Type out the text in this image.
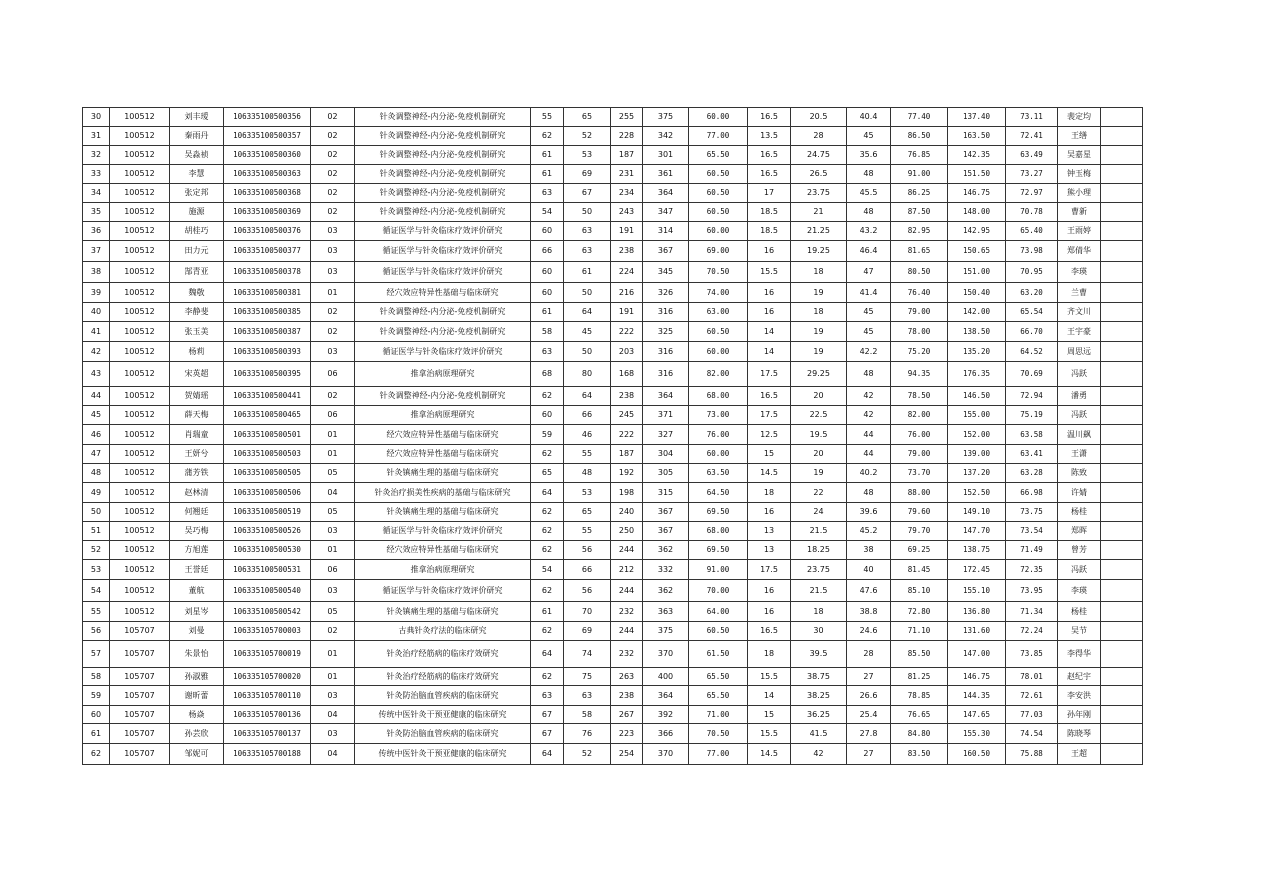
30	100512	刘丰瑷	106335100500356	02	针灸调整神经-内分泌-免疫机制研究	55	65	255	375	60.00	16.5	20.5	40.4	77.40	137.40	73.11	裴定均	
31	100512	秦雨丹	106335100500357	02	针灸调整神经-内分泌-免疫机制研究	62	52	228	342	77.00	13.5	28	45	86.50	163.50	72.41	王缮	
32	100512	吴淼祯	106335100500360	02	针灸调整神经-内分泌-免疫机制研究	61	53	187	301	65.50	16.5	24.75	35.6	76.85	142.35	63.49	吴嘉星	
33	100512	李慧	106335100500363	02	针灸调整神经-内分泌-免疫机制研究	61	69	231	361	60.50	16.5	26.5	48	91.00	151.50	73.27	钟玉梅	
34	100512	张定邦	106335100500368	02	针灸调整神经-内分泌-免疫机制研究	63	67	234	364	60.50	17	23.75	45.5	86.25	146.75	72.97	熊小理	
35	100512	施源	106335100500369	02	针灸调整神经-内分泌-免疫机制研究	54	50	243	347	60.50	18.5	21	48	87.50	148.00	70.78	曹新	
36	100512	胡桂巧	106335100500376	03	循证医学与针灸临床疗效评价研究	60	63	191	314	60.00	18.5	21.25	43.2	82.95	142.95	65.40	王雨婷	
37	100512	田力元	106335100500377	03	循证医学与针灸临床疗效评价研究	66	63	238	367	69.00	16	19.25	46.4	81.65	150.65	73.98	郑倩华	
38	100512	郜青亚	106335100500378	03	循证医学与针灸临床疗效评价研究	60	61	224	345	70.50	15.5	18	47	80.50	151.00	70.95	李瑛	
39	100512	魏敬	106335100500381	01	经穴效应特异性基础与临床研究	60	50	216	326	74.00	16	19	41.4	76.40	150.40	63.20	兰曹	
40	100512	李静斐	106335100500385	02	针灸调整神经-内分泌-免疫机制研究	61	64	191	316	63.00	16	18	45	79.00	142.00	65.54	齐文川	
41	100512	张玉美	106335100500387	02	针灸调整神经-内分泌-免疫机制研究	58	45	222	325	60.50	14	19	45	78.00	138.50	66.70	王宇豪	
42	100512	杨莉	106335100500393	03	循证医学与针灸临床疗效评价研究	63	50	203	316	60.00	14	19	42.2	75.20	135.20	64.52	周思远	
43	100512	宋英超	106335100500395	06	推拿治病原理研究	68	80	168	316	82.00	17.5	29.25	48	94.35	176.35	70.69	冯跃	
44	100512	贺婧瑶	106335100500441	02	针灸调整神经-内分泌-免疫机制研究	62	64	238	364	68.00	16.5	20	42	78.50	146.50	72.94	潘勇	
45	100512	薛天梅	106335100500465	06	推拿治病原理研究	60	66	245	371	73.00	17.5	22.5	42	82.00	155.00	75.19	冯跃	
46	100512	肖瑞童	106335100500501	01	经穴效应特异性基础与临床研究	59	46	222	327	76.00	12.5	19.5	44	76.00	152.00	63.58	温川飙	
47	100512	王妍兮	106335100500503	01	经穴效应特异性基础与临床研究	62	55	187	304	60.00	15	20	44	79.00	139.00	63.41	王潇	
48	100512	蒲芳铁	106335100500505	05	针灸镇痛生理的基础与临床研究	65	48	192	305	63.50	14.5	19	40.2	73.70	137.20	63.28	陈致	
49	100512	赵林清	106335100500506	04	针灸治疗损美性疾病的基础与临床研究	64	53	198	315	64.50	18	22	48	88.00	152.50	66.98	许婧	
50	100512	何翘廷	106335100500519	05	针灸镇痛生理的基础与临床研究	62	65	240	367	69.50	16	24	39.6	79.60	149.10	73.75	杨桂	
51	100512	吴巧梅	106335100500526	03	循证医学与针灸临床疗效评价研究	62	55	250	367	68.00	13	21.5	45.2	79.70	147.70	73.54	郑晖	
52	100512	方旭莲	106335100500530	01	经穴效应特异性基础与临床研究	62	56	244	362	69.50	13	18.25	38	69.25	138.75	71.49	曾芳	
53	100512	王誉廷	106335100500531	06	推拿治病原理研究	54	66	212	332	91.00	17.5	23.75	40	81.45	172.45	72.35	冯跃	
54	100512	董航	106335100500540	03	循证医学与针灸临床疗效评价研究	62	56	244	362	70.00	16	21.5	47.6	85.10	155.10	73.95	李瑛	
55	100512	刘星岑	106335100500542	05	针灸镇痛生理的基础与临床研究	61	70	232	363	64.00	16	18	38.8	72.80	136.80	71.34	杨桂	
56	105707	刘曼	106335105700003	02	古典针灸疗法的临床研究	62	69	244	375	60.50	16.5	30	24.6	71.10	131.60	72.24	吴节	
57	105707	朱景怡	106335105700019	01	针灸治疗经筋病的临床疗效研究	64	74	232	370	61.50	18	39.5	28	85.50	147.00	73.85	李得华	
58	105707	孙淑雅	106335105700020	01	针灸治疗经筋病的临床疗效研究	62	75	263	400	65.50	15.5	38.75	27	81.25	146.75	78.01	赵纪宇	
59	105707	谢昕蕾	106335105700110	03	针灸防治脑血管疾病的临床研究	63	63	238	364	65.50	14	38.25	26.6	78.85	144.35	72.61	李安洪	
60	105707	杨焱	106335105700136	04	传统中医针灸干预亚健康的临床研究	67	58	267	392	71.00	15	36.25	25.4	76.65	147.65	77.03	孙年刚	
61	105707	孙芸欣	106335105700137	03	针灸防治脑血管疾病的临床研究	67	76	223	366	70.50	15.5	41.5	27.8	84.80	155.30	74.54	陈晓琴	
62	105707	邹妮可	106335105700188	04	传统中医针灸干预亚健康的临床研究	64	52	254	370	77.00	14.5	42	27	83.50	160.50	75.88	王超	
